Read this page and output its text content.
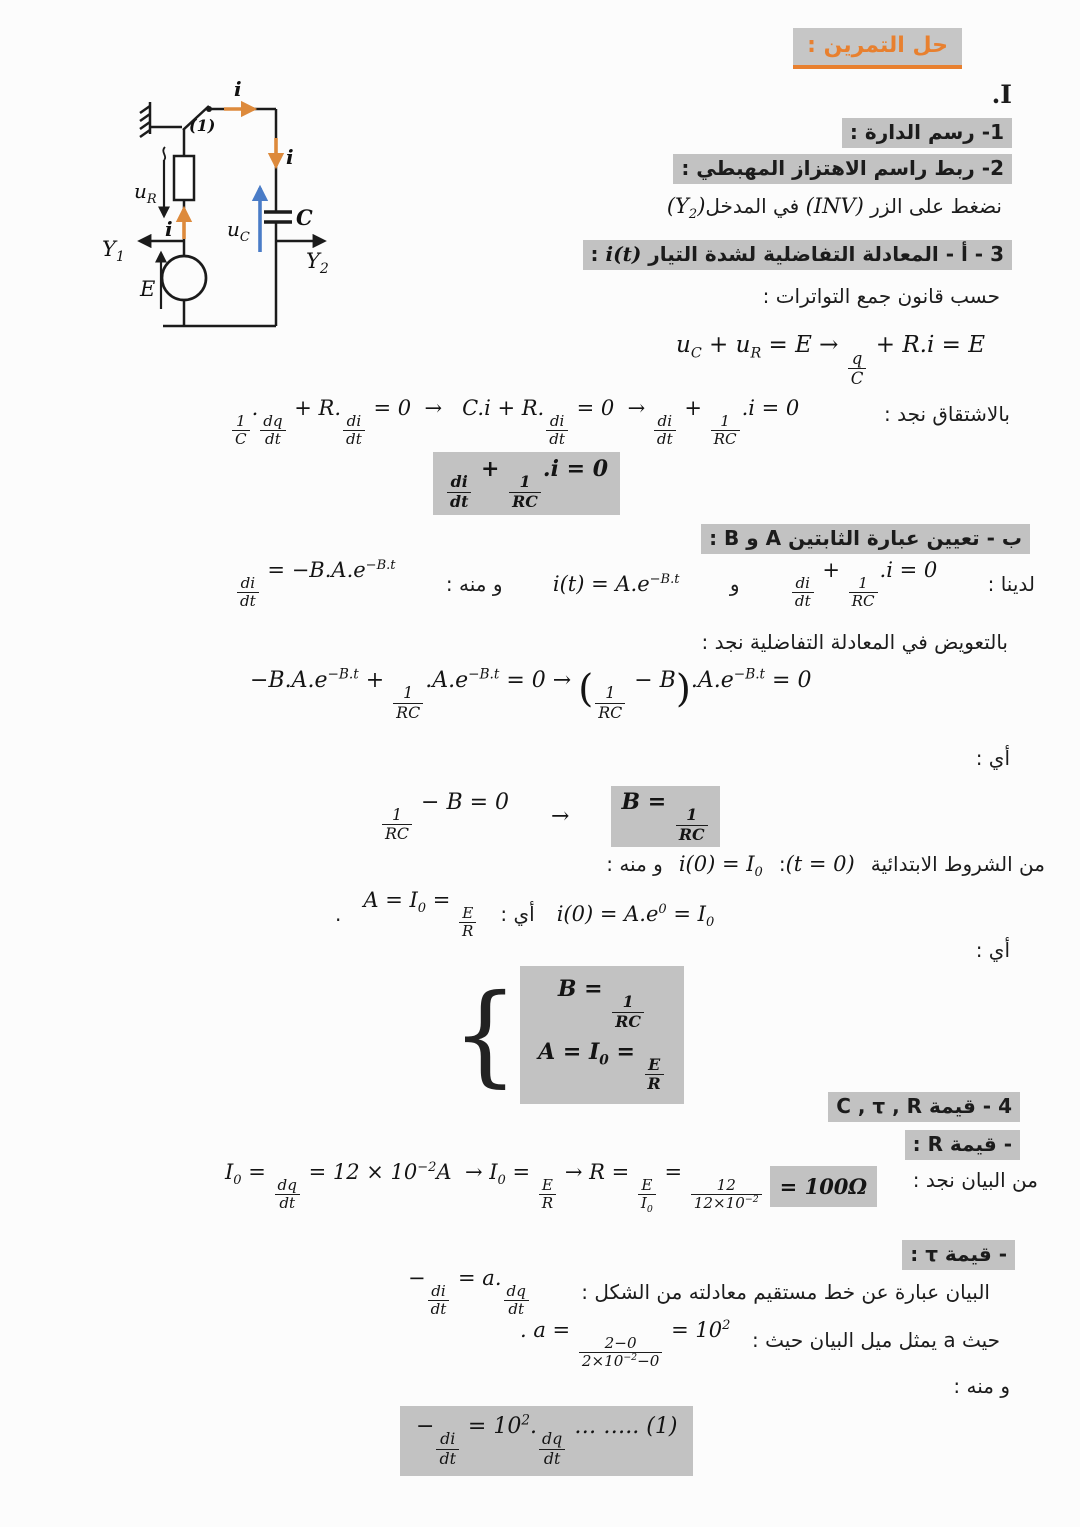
حل التمرين :
I.
(1)
C
i
i
i	$u_C$
$u_R$
$Y_1$	$Y_2$
E
1- رسم الدارة :
2- ربط راسم الاهتزاز المهبطي :
نضغط على الزر (INV) في $المدخل(Y_2)$
3 - أ - المعادلة التفاضلية لشدة التيار i(t) :
حسب قانون جمع التواترات :
$u_C + u_R = E$ →
$\frac{q}{C}$
+ R.i = E
بالاشتقاق نجد :
$\frac{1}{C}$
.
$\frac{dq}{dt}$
+ R.
$\frac{di}{dt}$
= 0  →   C.i + R.
$\frac{di}{dt}$
= 0  →
$\frac{di}{dt}$
+
$\frac{1}{RC}$
.i = 0
$\frac{di}{dt}$
+
$\frac{1}{RC}$
.i = 0
ب - تعيين عبارة الثابتين A و B :
لدينا :
$\frac{di}{dt}$
+
$\frac{1}{RC}$
.i = 0
و
$i(t) = A.e^{-B.t}$
و منه :
$\frac{di}{dt}$
= $-B.A.e^{-B.t}$
بالتعويض في المعادلة التفاضلية نجد :
$-B.A.e^{-B.t}$ +
$\frac{1}{RC}$
$.A.e^{-B.t} = 0$ → ( $\frac{1}{RC}$
− $B).A.e^{-B.t} = 0$
أي :
$\frac{1}{RC}$
− B = 0
→
B =
$\frac{1}{RC}$
من الشروط الابتدائية
(t = 0):
$i(0) = I_0$
و منه :
$i(0) = A.e^0 = I_0$
أي :
$A = I_0$ =
$\frac{E}{R}$
.
أي :
{ B =
$\frac{1}{RC}$
$A = I_0$ =
$\frac{E}{R}$
4 - قيمة C , τ , R
- قيمة R :
من البيان نجد :
$I_0$ =
$\frac{dq}{dt}$
= $12 \times 10^{-2}A \to I_0$ =
$\frac{E}{R}$
→ R =
$\frac{E}{I_0}$
=
$\frac{12}{12\times 10^{-2}} = 100\Omega$
- قيمة τ :
البيان عبارة عن خط مستقيم معادلته من الشكل :
−
$\frac{di}{dt}$
= a.
$\frac{dq}{dt}$
حيث a يمثل ميل البيان حيث :
. a =
$\frac{2-0}{2\times 10^{-2}-0}$
= $10^2$
و منه :
−
$\frac{di}{dt}$
= $10^2$.
$\frac{dq}{dt}$
… ….. (1)
